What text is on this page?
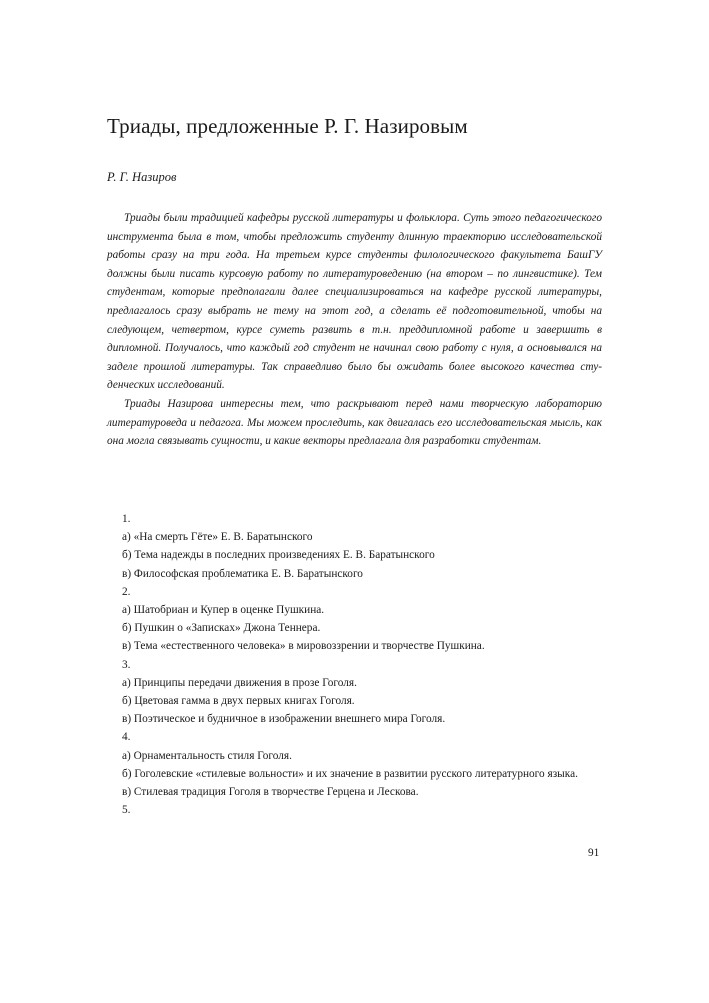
Триады, предложенные Р. Г. Назировым
Р. Г. Назиров

Триады были традицией кафедры русской литературы и фольклора. Суть этого педагогического инструмента была в том, чтобы предложить студенту длинную траекторию исследовательской работы сразу на три года. На третьем курсе студенты филологического факультета БашГУ должны были писать курсовую работу по литературоведению (на втором – по лингвистике). Тем студентам, которые предполагали далее специализироваться на кафедре русской литературы, предлагалось сразу выбрать не тему на этот год, а сделать её подготовительной, чтобы на следующем, четвертом, курсе суметь развить в т.н. преддипломной работе и завершить в дипломной. Получалось, что каждый год студент не начинал свою работу с нуля, а основывался на заделе прошлой литературы. Так справедливо было бы ожидать более высокого качества студенческих исследований.

Триады Назирова интересны тем, что раскрывают перед нами творческую лабораторию литературоведа и педагога. Мы можем проследить, как двигалась его исследовательская мысль, как она могла связывать сущности, и какие векторы предлагала для разработки студентам.

1.
а) «На смерть Гёте» Е. В. Баратынского
б) Тема надежды в последних произведениях Е. В. Баратынского
в) Философская проблематика Е. В. Баратынского
2.
а) Шатобриан и Купер в оценке Пушкина.
б) Пушкин о «Записках» Джона Теннера.
в) Тема «естественного человека» в мировоззрении и творчестве Пушкина.
3.
а) Принципы передачи движения в прозе Гоголя.
б) Цветовая гамма в двух первых книгах Гоголя.
в) Поэтическое и будничное в изображении внешнего мира Гоголя.
4.
а) Орнаментальность стиля Гоголя.
б) Гоголевские «стилевые вольности» и их значение в развитии русского литературного языка.
в) Стилевая традиция Гоголя в творчестве Герцена и Лескова.
5.
91
